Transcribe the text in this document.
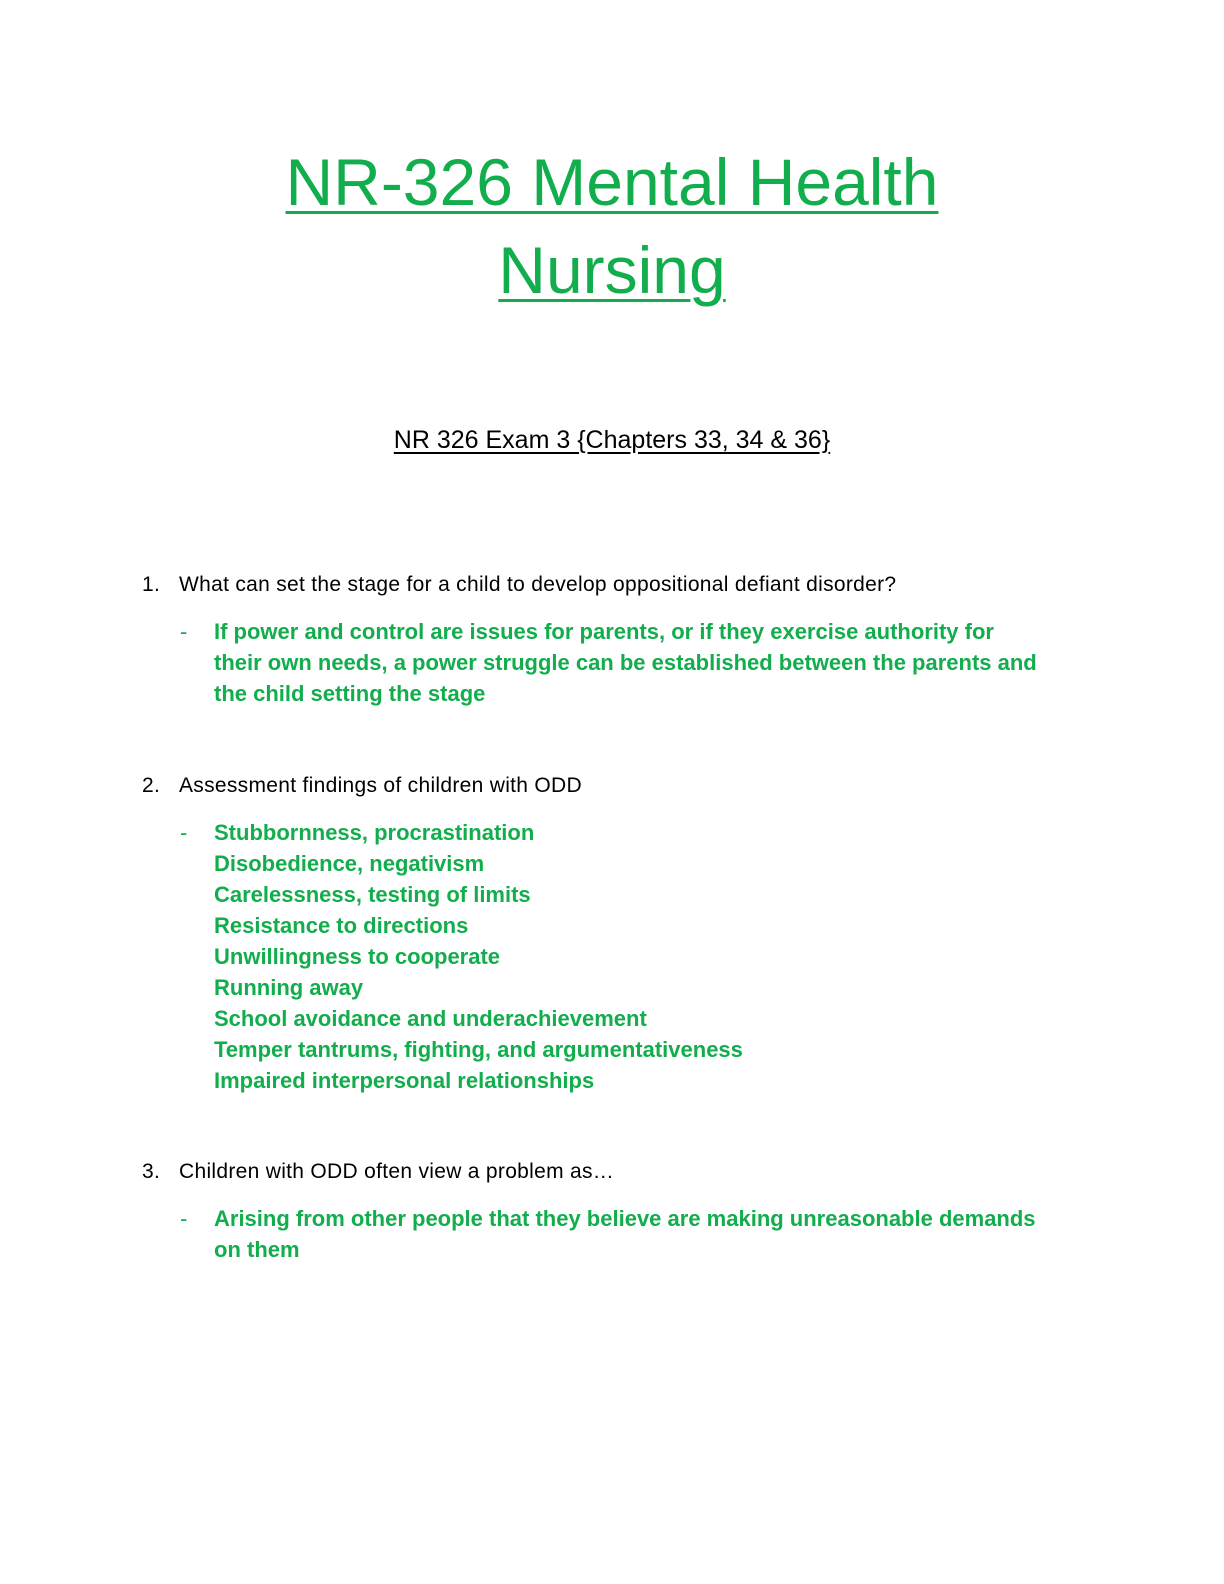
NR-326 Mental Health
Nursing
NR 326 Exam 3 {Chapters 33, 34 & 36}

1. What can set the stage for a child to develop oppositional defiant disorder?

- If power and control are issues for parents, or if they exercise authority for
their own needs, a power struggle can be established between the parents and
the child setting the stage

2. Assessment findings of children with ODD

- Stubbornness, procrastination
Disobedience, negativism
Carelessness, testing of limits
Resistance to directions
Unwillingness to cooperate
Running away
School avoidance and underachievement
Temper tantrums, fighting, and argumentativeness
Impaired interpersonal relationships

3. Children with ODD often view a problem as…

- Arising from other people that they believe are making unreasonable demands
on them
